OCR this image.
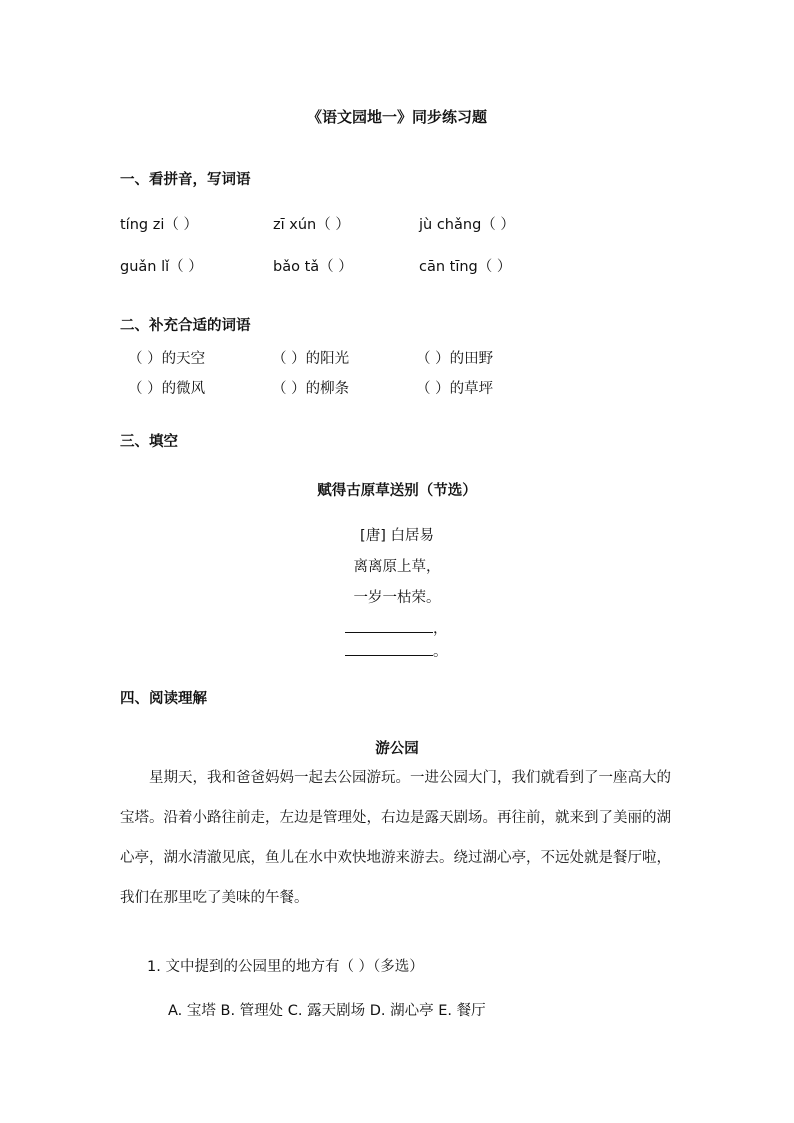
《语文园地一》同步练习题
一、看拼音，写词语
tíng zi（ ）	zī xún（ ）	jù chǎng（ ）
guǎn lǐ（ ）	bǎo tǎ（ ）	cān tīng（ ）
二、补充合适的词语
（ ）的天空	（ ）的阳光	（ ）的田野
（ ）的微风	（ ）的柳条	（ ）的草坪
三、填空
赋得古原草送别（节选）
[唐] 白居易
离离原上草，
一岁一枯荣。
，
。
四、阅读理解
游公园
星期天，我和爸爸妈妈一起去公园游玩。一进公园大门，我们就看到了一座高大的宝塔。沿着小路往前走，左边是管理处，右边是露天剧场。再往前，就来到了美丽的湖心亭，湖水清澈见底，鱼儿在水中欢快地游来游去。绕过湖心亭，不远处就是餐厅啦，我们在那里吃了美味的午餐。
1. 文中提到的公园里的地方有（ ）（多选）
A. 宝塔 B. 管理处 C. 露天剧场 D. 湖心亭 E. 餐厅
